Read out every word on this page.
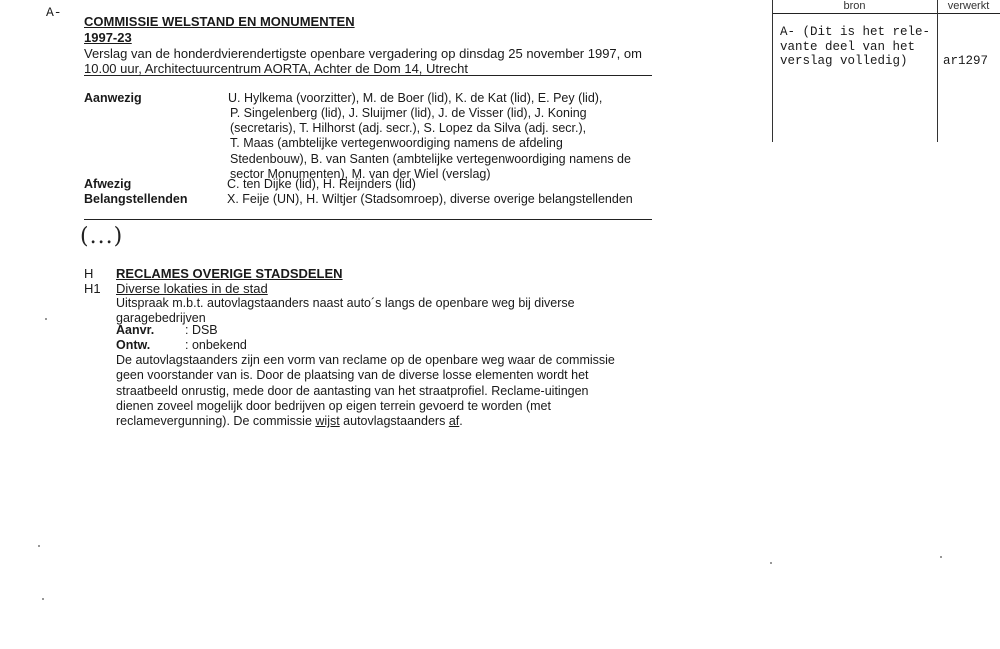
A-
COMMISSIE WELSTAND EN MONUMENTEN
1997-23
Verslag van de honderdvierendertigste openbare vergadering op dinsdag 25 november 1997, om
10.00 uur, Architectuurcentrum AORTA, Achter de Dom 14, Utrecht
bron	verwerkt
A- (Dit is het rele-
vante deel van het
verslag volledig)	ar1297
Aanwezig	U. Hylkema (voorzitter), M. de Boer (lid), K. de Kat (lid), E. Pey (lid),
P. Singelenberg (lid), J. Sluijmer (lid), J. de Visser (lid), J. Koning
(secretaris), T. Hilhorst (adj. secr.), S. Lopez da Silva (adj. secr.),
T. Maas (ambtelijke vertegenwoordiging namens de afdeling
Stedenbouw), B. van Santen (ambtelijke vertegenwoordiging namens de
sector Monumenten), M. van der Wiel (verslag)
Afwezig	C. ten Dijke (lid), H. Reijnders (lid)
Belangstellenden	X. Feije (UN), H. Wiltjer (Stadsomroep), diverse overige belangstellenden
(...)
H RECLAMES OVERIGE STADSDELEN
H1 Diverse lokaties in de stad
Uitspraak m.b.t. autovlagstaanders naast auto´s langs de openbare weg bij diverse
garagebedrijven
Aanvr. : DSB
Ontw.	: onbekend
De autovlagstaanders zijn een vorm van reclame op de openbare weg waar de commissie
geen voorstander van is. Door de plaatsing van de diverse losse elementen wordt het
straatbeeld onrustig, mede door de aantasting van het straatprofiel. Reclame-uitingen
dienen zoveel mogelijk door bedrijven op eigen terrein gevoerd te worden (met
reclamevergunning). De commissie wijst autovlagstaanders af.
